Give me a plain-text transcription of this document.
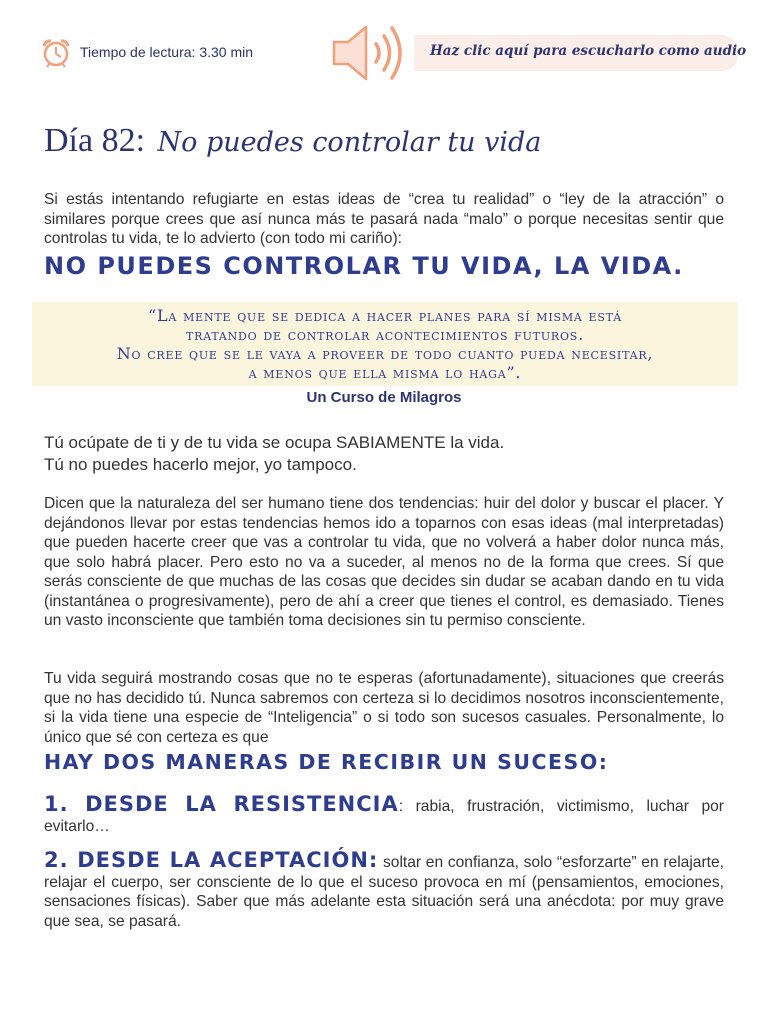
Tiempo de lectura: 3.30 min	Haz clic aquí para escucharlo como audio
Día 82: No puedes controlar tu vida
Si estás intentando refugiarte en estas ideas de “crea tu realidad” o “ley de la atracción” o similares porque crees que así nunca más te pasará nada “malo” o porque necesitas sentir que controlas tu vida, te lo advierto (con todo mi cariño):
NO PUEDES CONTROLAR TU VIDA, LA VIDA.
“La mente que se dedica a hacer planes para sí misma está
tratando de controlar acontecimientos futuros.
No cree que se le vaya a proveer de todo cuanto pueda necesitar,
a menos que ella misma lo haga”.
Un Curso de Milagros
Tú ocúpate de ti y de tu vida se ocupa SABIAMENTE la vida.
Tú no puedes hacerlo mejor, yo tampoco.
Dicen que la naturaleza del ser humano tiene dos tendencias: huir del dolor y buscar el placer. Y dejándonos llevar por estas tendencias hemos ido a toparnos con esas ideas (mal interpretadas) que pueden hacerte creer que vas a controlar tu vida, que no volverá a haber dolor nunca más, que solo habrá placer. Pero esto no va a suceder, al menos no de la forma que crees. Sí que serás consciente de que muchas de las cosas que decides sin dudar se acaban dando en tu vida (instantánea o progresivamente), pero de ahí a creer que tienes el control, es demasiado. Tienes un vasto inconsciente que también toma decisiones sin tu permiso consciente.
Tu vida seguirá mostrando cosas que no te esperas (afortunadamente), situaciones que creerás que no has decidido tú. Nunca sabremos con certeza si lo decidimos nosotros inconscientemente, si la vida tiene una especie de “Inteligencia” o si todo son sucesos casuales. Personalmente, lo único que sé con certeza es que
HAY DOS MANERAS DE RECIBIR UN SUCESO:
1. DESDE LA RESISTENCIA: rabia, frustración, victimismo, luchar por evitarlo…
2. DESDE LA ACEPTACIÓN: soltar en confianza, solo “esforzarte” en relajarte, relajar el cuerpo, ser consciente de lo que el suceso provoca en mí (pensamientos, emociones, sensaciones físicas). Saber que más adelante esta situación será una anécdota: por muy grave que sea, se pasará.
